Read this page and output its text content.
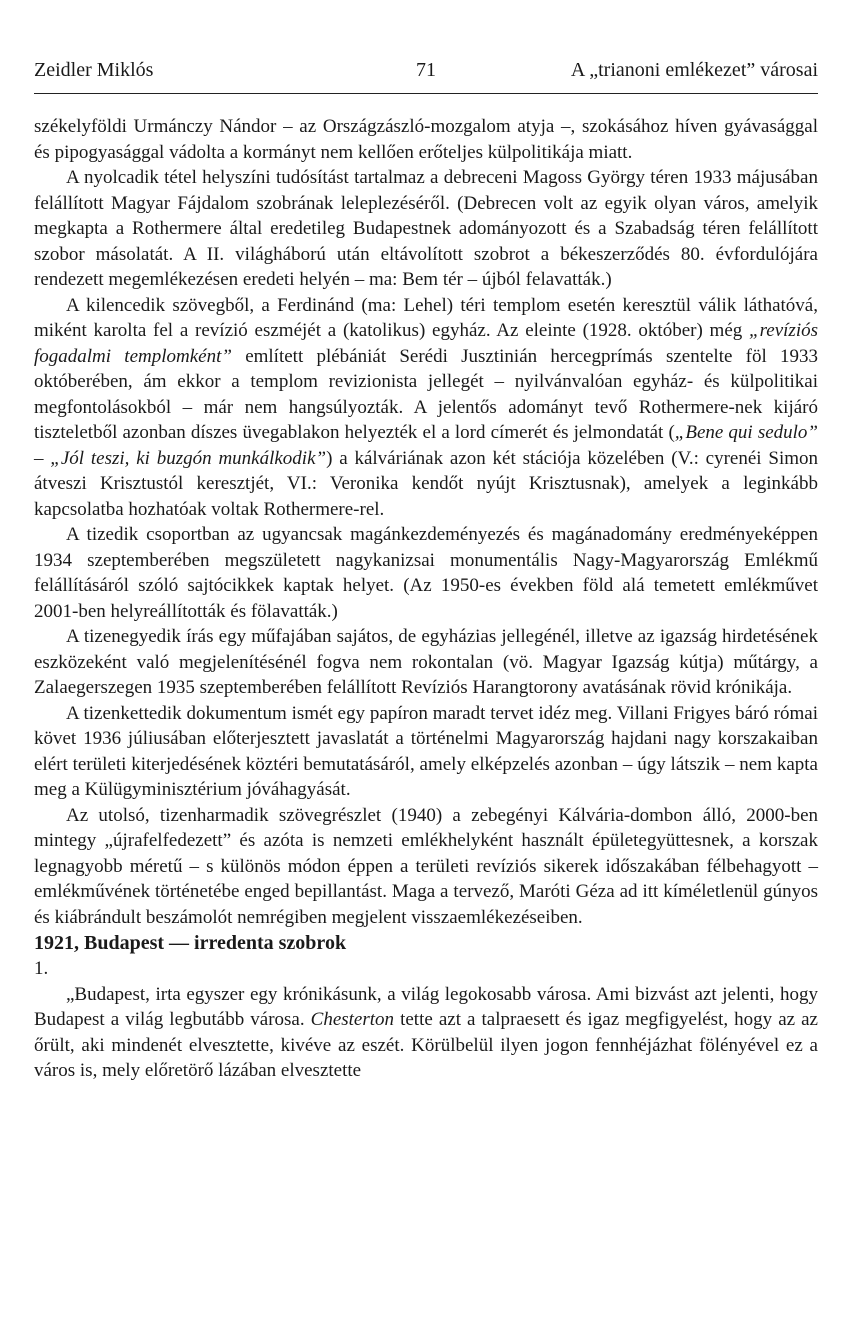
Zeidler Miklós	71	A „trianoni emlékezet” városai

székelyföldi Urmánczy Nándor – az Országzászló-mozgalom atyja –, szokásához híven gyávasággal és pipogyasággal vádolta a kormányt nem kellően erőteljes külpolitikája miatt.

A nyolcadik tétel helyszíni tudósítást tartalmaz a debreceni Magoss György téren 1933 májusában felállított Magyar Fájdalom szobrának leleplezéséről. (Debrecen volt az egyik olyan város, amelyik megkapta a Rothermere által eredetileg Budapestnek adományozott és a Szabadság téren felállított szobor másolatát. A II. világháború után eltávolított szobrot a békeszerződés 80. évfordulójára rendezett megemlékezésen eredeti helyén – ma: Bem tér – újból felavatták.)

A kilencedik szövegből, a Ferdinánd (ma: Lehel) téri templom esetén keresztül válik láthatóvá, miként karolta fel a revízió eszméjét a (katolikus) egyház. Az eleinte (1928. október) még „revíziós fogadalmi templomként” említett plébániát Serédi Jusztinián hercegprímás szentelte föl 1933 októberében, ám ekkor a templom revizionista jellegét – nyilvánvalóan egyház- és külpolitikai megfontolásokból – már nem hangsúlyozták. A jelentős adományt tevő Rothermere-nek kijáró tiszteletből azonban díszes üvegablakon helyezték el a lord címerét és jelmondatát („Bene qui sedulo” – „Jól teszi, ki buzgón munkálkodik”) a kálváriának azon két stációja közelében (V.: cyrenéi Simon átveszi Krisztustól keresztjét, VI.: Veronika kendőt nyújt Krisztusnak), amelyek a leginkább kapcsolatba hozhatóak voltak Rothermere-rel.

A tizedik csoportban az ugyancsak magánkezdeményezés és magánadomány eredményeképpen 1934 szeptemberében megszületett nagykanizsai monumentális Nagy-Magyarország Emlékmű felállításáról szóló sajtócikkek kaptak helyet. (Az 1950-es években föld alá temetett emlékművet 2001-ben helyreállították és fölavatták.)

A tizenegyedik írás egy műfajában sajátos, de egyházias jellegénél, illetve az igazság hirdetésének eszközeként való megjelenítésénél fogva nem rokontalan (vö. Magyar Igazság kútja) műtárgy, a Zalaegerszegen 1935 szeptemberében felállított Revíziós Harangtorony avatásának rövid krónikája.

A tizenkettedik dokumentum ismét egy papíron maradt tervet idéz meg. Villani Frigyes báró római követ 1936 júliusában előterjesztett javaslatát a történelmi Magyarország hajdani nagy korszakaiban elért területi kiterjedésének köztéri bemutatásáról, amely elképzelés azonban – úgy látszik – nem kapta meg a Külügyminisztérium jóváhagyását.

Az utolsó, tizenharmadik szövegrészlet (1940) a zebegényi Kálvária-dombon álló, 2000-ben mintegy „újrafelfedezett” és azóta is nemzeti emlékhelyként használt épületegyüttesnek, a korszak legnagyobb méretű – s különös módon éppen a területi revíziós sikerek időszakában félbehagyott – emlékművének történetébe enged bepillantást. Maga a tervező, Maróti Géza ad itt kíméletlenül gúnyos és kiábrándult beszámolót nemrégiben megjelent visszaemlékezéseiben.

1921, Budapest — irredenta szobrok

1.

„Budapest, irta egyszer egy krónikásunk, a világ legokosabb városa. Ami bizvást azt jelenti, hogy Budapest a világ legbutább városa. Chesterton tette azt a talpraesett és igaz megfigyelést, hogy az az őrült, aki mindenét elvesztette, kivéve az eszét. Körülbelül ilyen jogon fennhéjázhat fölényével ez a város is, mely előretörő lázában elvesztette
